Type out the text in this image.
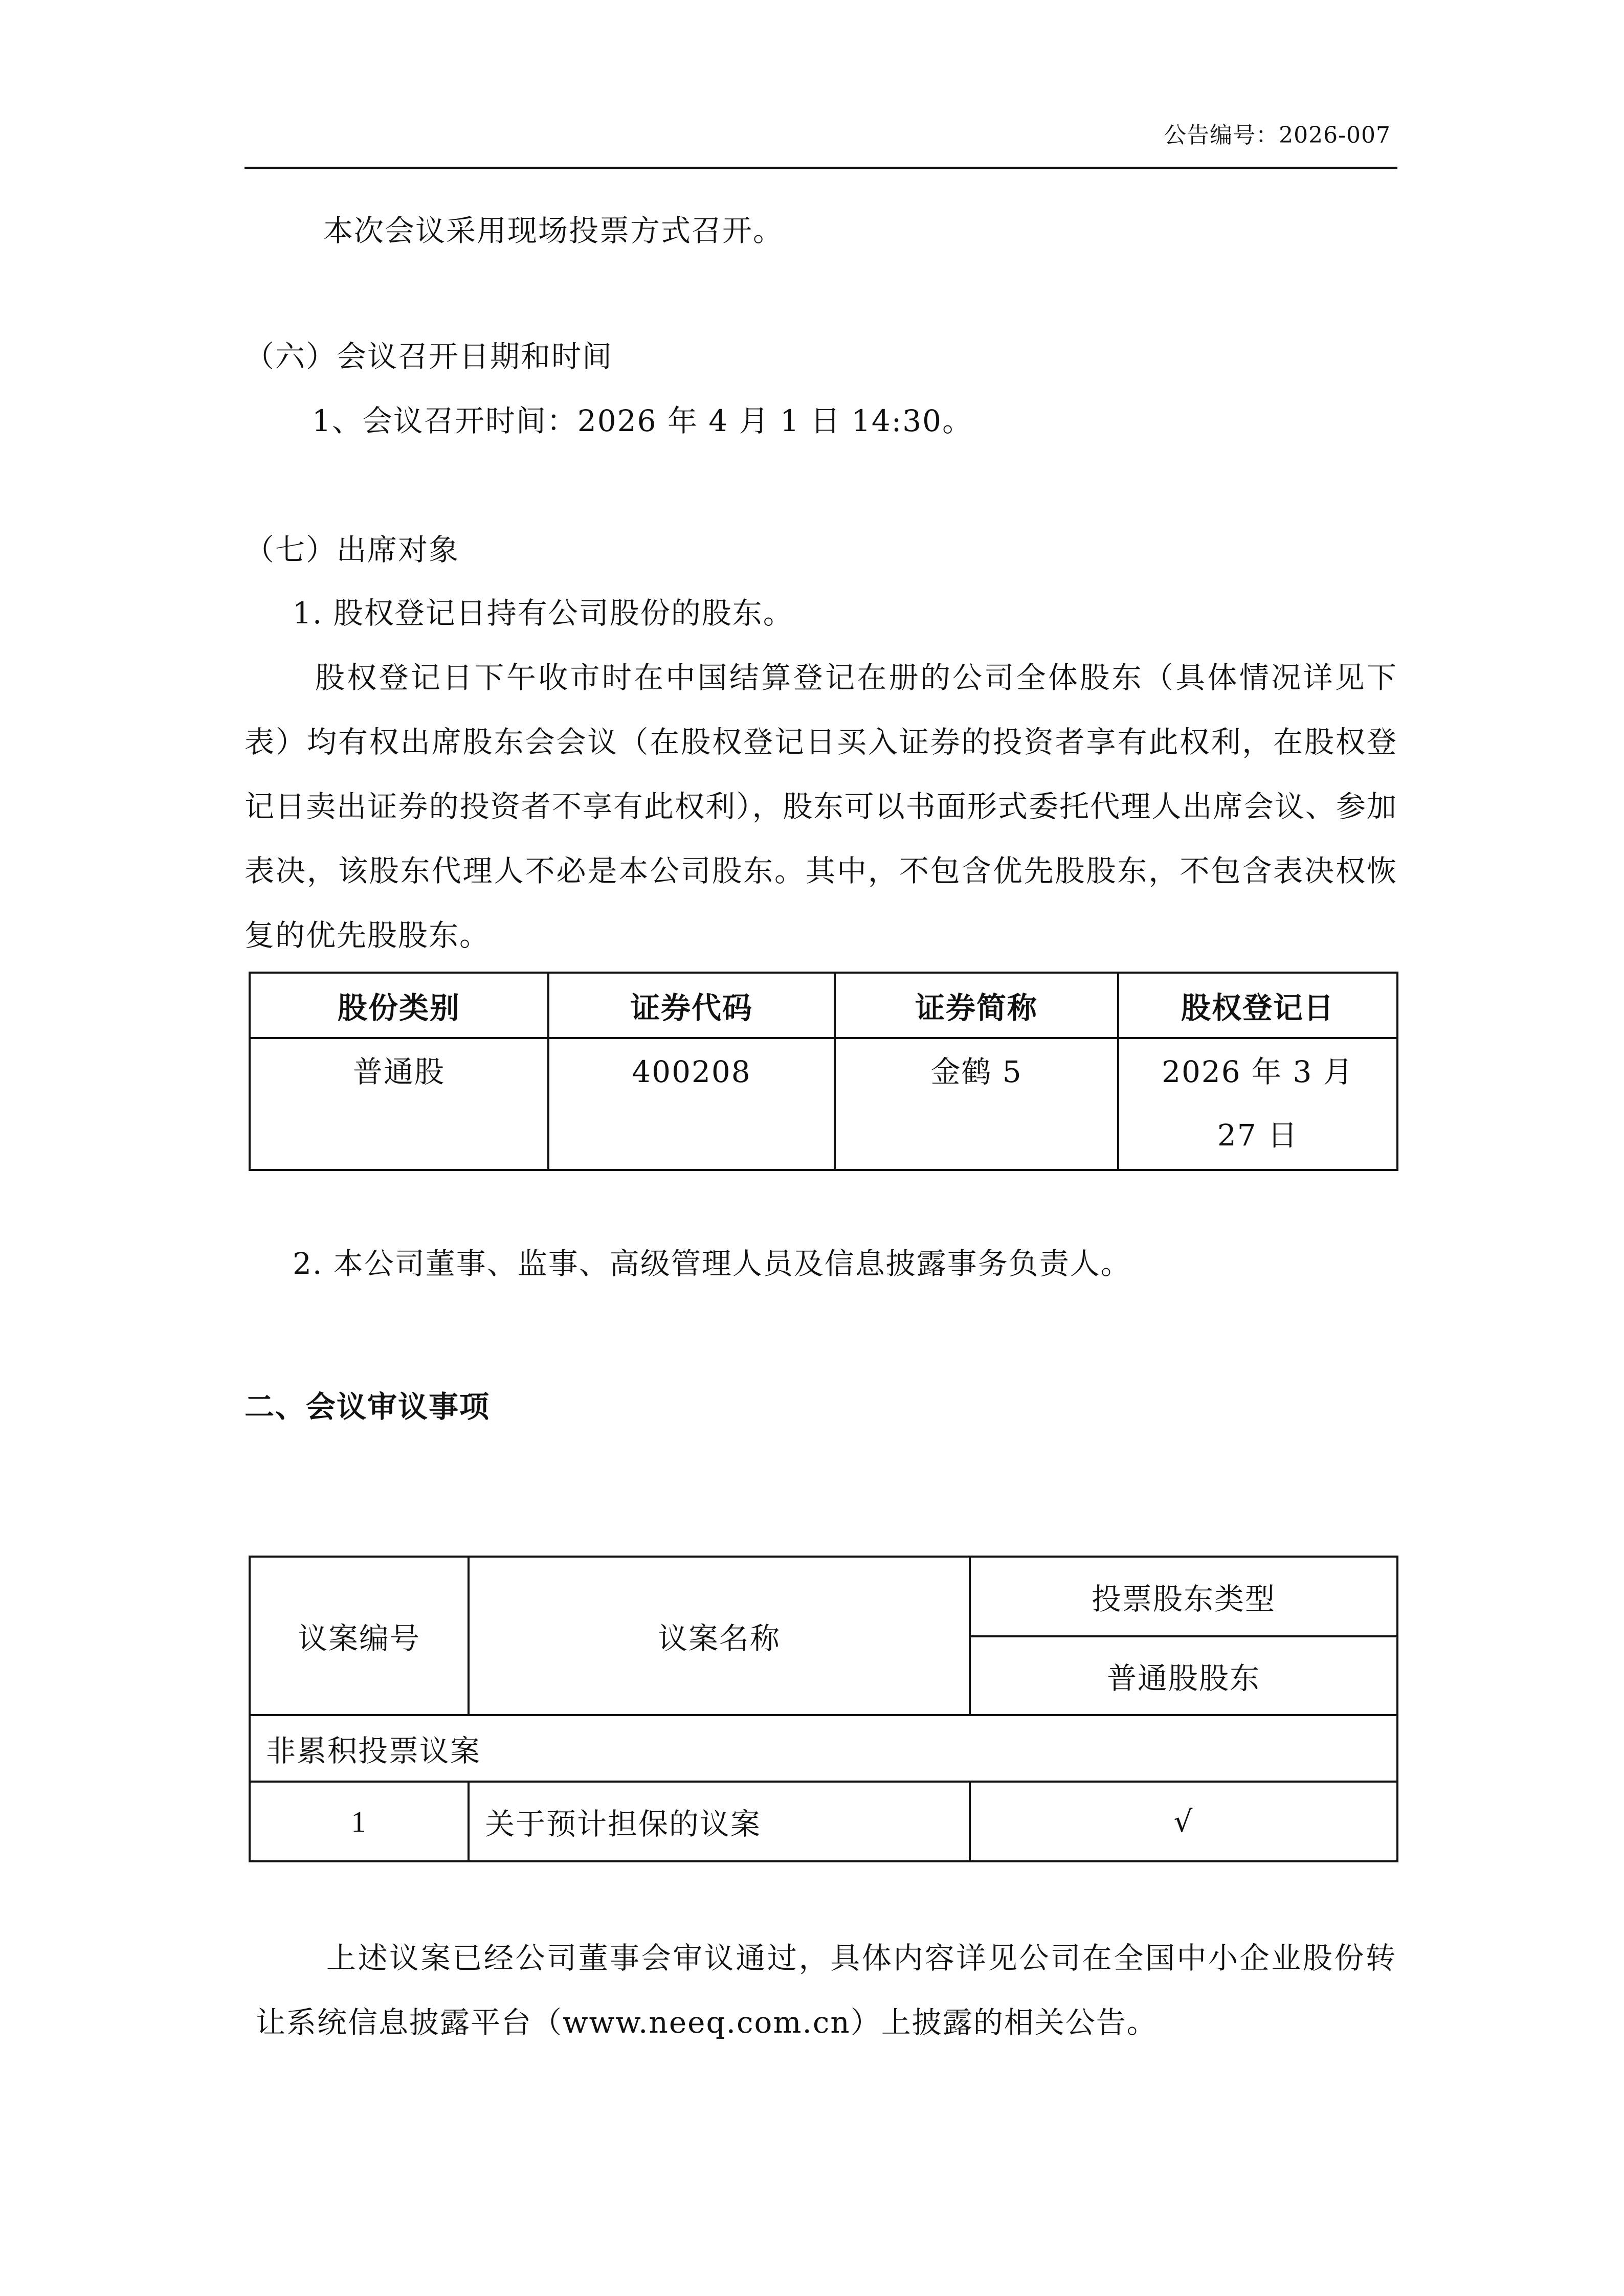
公告编号：2026-007
本次会议采用现场投票方式召开。
（六）会议召开日期和时间
1、会议召开时间：2026 年 4 月 1 日 14:30。
（七）出席对象
1. 股权登记日持有公司股份的股东。
股权登记日下午收市时在中国结算登记在册的公司全体股东（具体情况详见下表）均有权出席股东会会议（在股权登记日买入证券的投资者享有此权利，在股权登记日卖出证券的投资者不享有此权利），股东可以书面形式委托代理人出席会议、参加表决，该股东代理人不必是本公司股东。其中，不包含优先股股东，不包含表决权恢复的优先股股东。
股份类别	证券代码	证券简称	股权登记日
普通股	400208	金鹤 5	2026 年 3 月 27 日
2. 本公司董事、监事、高级管理人员及信息披露事务负责人。
二、会议审议事项
议案编号	议案名称	投票股东类型
		普通股股东
非累积投票议案		
1	关于预计担保的议案	√
上述议案已经公司董事会审议通过，具体内容详见公司在全国中小企业股份转让系统信息披露平台（www.neeq.com.cn）上披露的相关公告。
